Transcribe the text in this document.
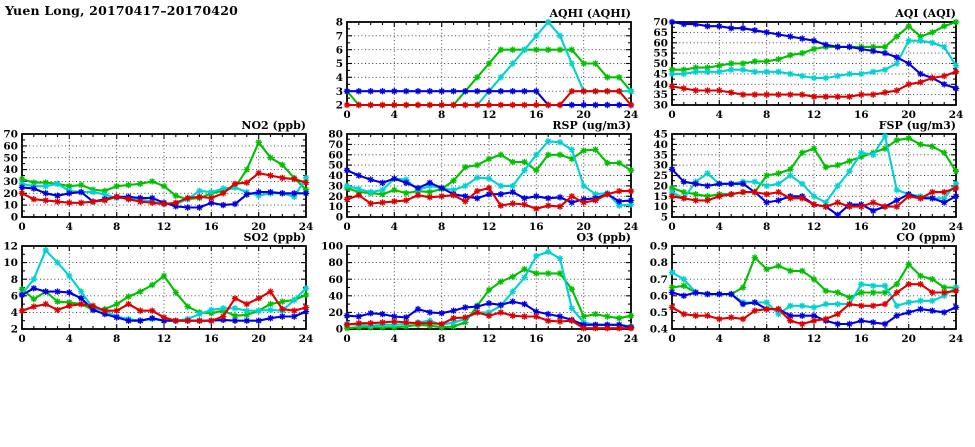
Yuen Long, 20170417–20170420
2
3
4
5
6
7
8
0	4	8	12	16	20	24
AQHI (AQHI)
30
35
40
45
50
55
60
65
70
0	4	8	12	16	20	24
AQI (AQI)
0
10
20
30
40
50
60
70
0	4	8	12	16	20	24
NO2 (ppb)
0
10
20
30
40
50
60
70
80
0	4	8	12	16	20	24
RSP (ug/m3)
5
10
15
20
25
30
35
40
45
0	4	8	12	16	20	24
FSP (ug/m3)
2
4
6
8
10
12
0	4	8	12	16	20	24
SO2 (ppb)
0
20
40
60
80
100
0	4	8	12	16	20	24
O3 (ppb)
0.4
0.5
0.6
0.7
0.8
0.9
0	4	8	12	16	20	24
CO (ppm)
